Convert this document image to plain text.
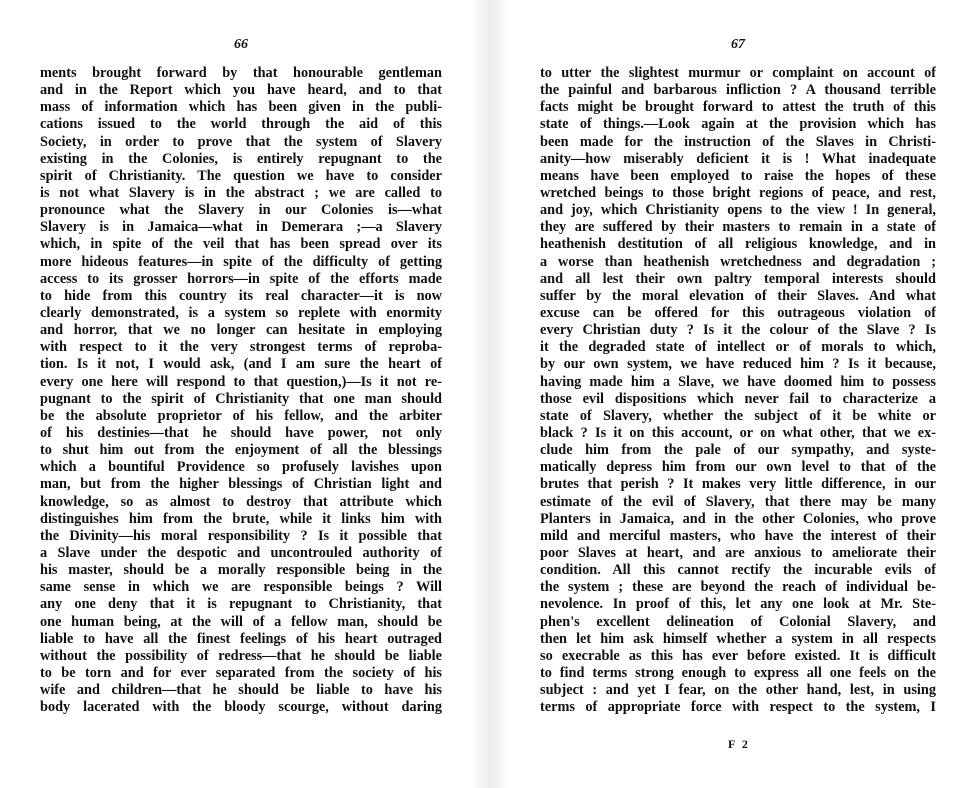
66
ments brought forward by that honourable gentleman
and in the Report which you have heard, and to that
mass of information which has been given in the publi-
cations issued to the world through the aid of this
Society, in order to prove that the system of Slavery
existing in the Colonies, is entirely repugnant to the
spirit of Christianity. The question we have to consider
is not what Slavery is in the abstract ; we are called to
pronounce what the Slavery in our Colonies is—what
Slavery is in Jamaica—what in Demerara ;—a Slavery
which, in spite of the veil that has been spread over its
more hideous features—in spite of the difficulty of getting
access to its grosser horrors—in spite of the efforts made
to hide from this country its real character—it is now
clearly demonstrated, is a system so replete with enormity
and horror, that we no longer can hesitate in employing
with respect to it the very strongest terms of reproba-
tion. Is it not, I would ask, (and I am sure the heart of
every one here will respond to that question,)—Is it not re-
pugnant to the spirit of Christianity that one man should
be the absolute proprietor of his fellow, and the arbiter
of his destinies—that he should have power, not only
to shut him out from the enjoyment of all the blessings
which a bountiful Providence so profusely lavishes upon
man, but from the higher blessings of Christian light and
knowledge, so as almost to destroy that attribute which
distinguishes him from the brute, while it links him with
the Divinity—his moral responsibility ? Is it possible that
a Slave under the despotic and uncontrouled authority of
his master, should be a morally responsible being in the
same sense in which we are responsible beings ? Will
any one deny that it is repugnant to Christianity, that
one human being, at the will of a fellow man, should be
liable to have all the finest feelings of his heart outraged
without the possibility of redress—that he should be liable
to be torn and for ever separated from the society of his
wife and children—that he should be liable to have his
body lacerated with the bloody scourge, without daring
67
to utter the slightest murmur or complaint on account of
the painful and barbarous infliction ? A thousand terrible
facts might be brought forward to attest the truth of this
state of things.—Look again at the provision which has
been made for the instruction of the Slaves in Christi-
anity—how miserably deficient it is ! What inadequate
means have been employed to raise the hopes of these
wretched beings to those bright regions of peace, and rest,
and joy, which Christianity opens to the view ! In general,
they are suffered by their masters to remain in a state of
heathenish destitution of all religious knowledge, and in
a worse than heathenish wretchedness and degradation ;
and all lest their own paltry temporal interests should
suffer by the moral elevation of their Slaves. And what
excuse can be offered for this outrageous violation of
every Christian duty ? Is it the colour of the Slave ? Is
it the degraded state of intellect or of morals to which,
by our own system, we have reduced him ? Is it because,
having made him a Slave, we have doomed him to possess
those evil dispositions which never fail to characterize a
state of Slavery, whether the subject of it be white or
black ? Is it on this account, or on what other, that we ex-
clude him from the pale of our sympathy, and syste-
matically depress him from our own level to that of the
brutes that perish ? It makes very little difference, in our
estimate of the evil of Slavery, that there may be many
Planters in Jamaica, and in the other Colonies, who prove
mild and merciful masters, who have the interest of their
poor Slaves at heart, and are anxious to ameliorate their
condition. All this cannot rectify the incurable evils of
the system ; these are beyond the reach of individual be-
nevolence. In proof of this, let any one look at Mr. Ste-
phen's excellent delineation of Colonial Slavery, and
then let him ask himself whether a system in all respects
so execrable as this has ever before existed. It is difficult
to find terms strong enough to express all one feels on the
subject : and yet I fear, on the other hand, lest, in using
terms of appropriate force with respect to the system, I
F 2
